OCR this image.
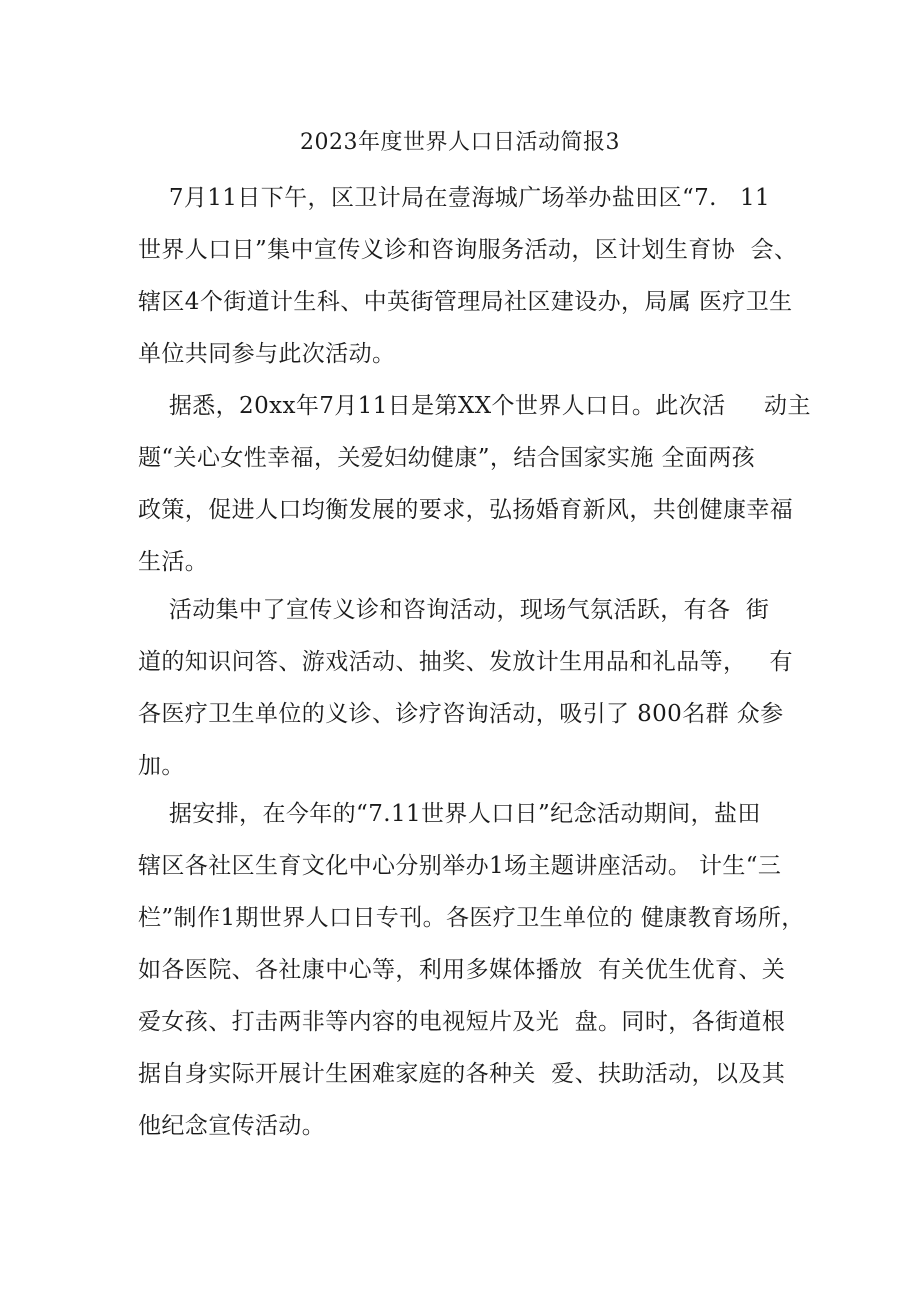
2023年度世界人口日活动简报3
7月11日下午，区卫计局在壹海城广场举办盐田区“7.   11
世界人口日”集中宣传义诊和咨询服务活动，区计划生育协  会、
辖区4个街道计生科、中英街管理局社区建设办，局属 医疗卫生
单位共同参与此次活动。
据悉，20xx年7月11日是第XX个世界人口日。此次活     动主
题“关心女性幸福，关爱妇幼健康”，结合国家实施 全面两孩
政策，促进人口均衡发展的要求，弘扬婚育新风，共创健康幸福
生活。
活动集中了宣传义诊和咨询活动，现场气氛活跃，有各  街
道的知识问答、游戏活动、抽奖、发放计生用品和礼品等，   有
各医疗卫生单位的义诊、诊疗咨询活动，吸引了 800名群 众参
加。
据安排，在今年的“7.11世界人口日”纪念活动期间，盐田
辖区各社区生育文化中心分别举办1场主题讲座活动。 计生“三
栏”制作1期世界人口日专刊。各医疗卫生单位的 健康教育场所，
如各医院、各社康中心等，利用多媒体播放  有关优生优育、关
爱女孩、打击两非等内容的电视短片及光  盘。同时，各街道根
据自身实际开展计生困难家庭的各种关  爱、扶助活动，以及其
他纪念宣传活动。
